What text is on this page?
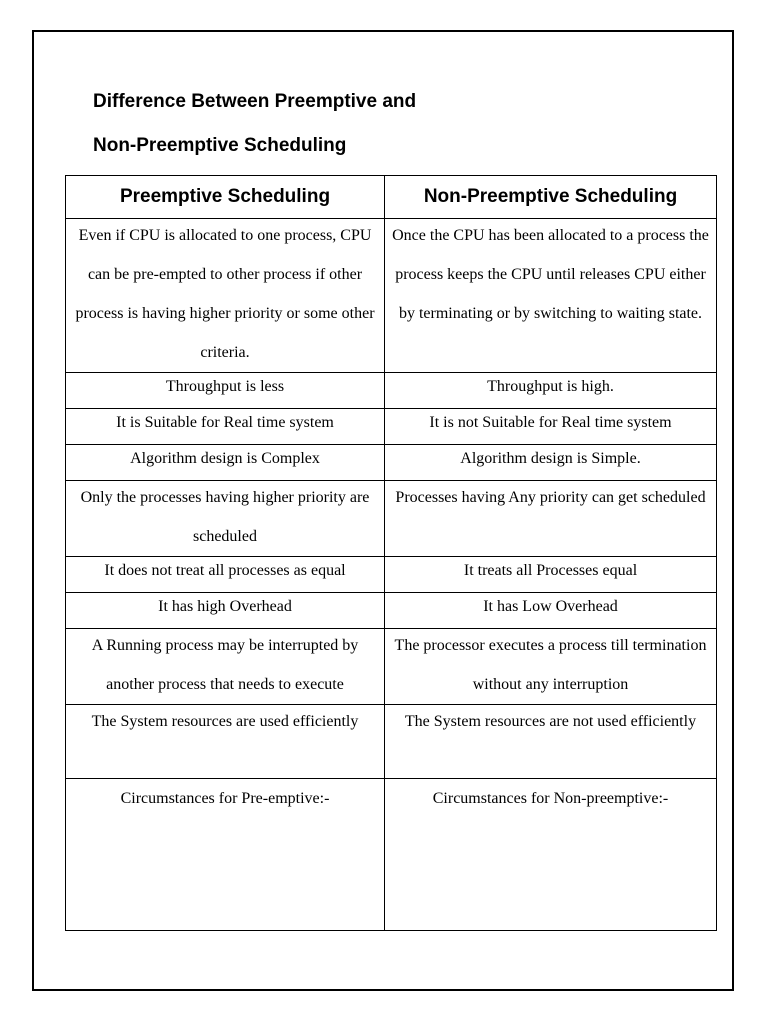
Difference Between Preemptive and
Non-Preemptive Scheduling
Preemptive Scheduling	Non-Preemptive Scheduling

Even if CPU is allocated to one process, CPU can be pre-empted to other process if other process is having higher priority or some other criteria.	Once the CPU has been allocated to a process the process keeps the CPU until releases CPU either by terminating or by switching to waiting state.

Throughput is less	Throughput is high.

It is Suitable for Real time system	It is not Suitable for Real time system

Algorithm design is Complex	Algorithm design is Simple.

Only the processes having higher priority are scheduled	Processes having Any priority can get scheduled

It does not treat all processes as equal	It treats all Processes equal

It has high Overhead	It has Low Overhead

A Running process may be interrupted by another process that needs to execute	The processor executes a process till termination without any interruption

The System resources are used efficiently	The System resources are not used efficiently

Circumstances for Pre-emptive:-	Circumstances for Non-preemptive:-
